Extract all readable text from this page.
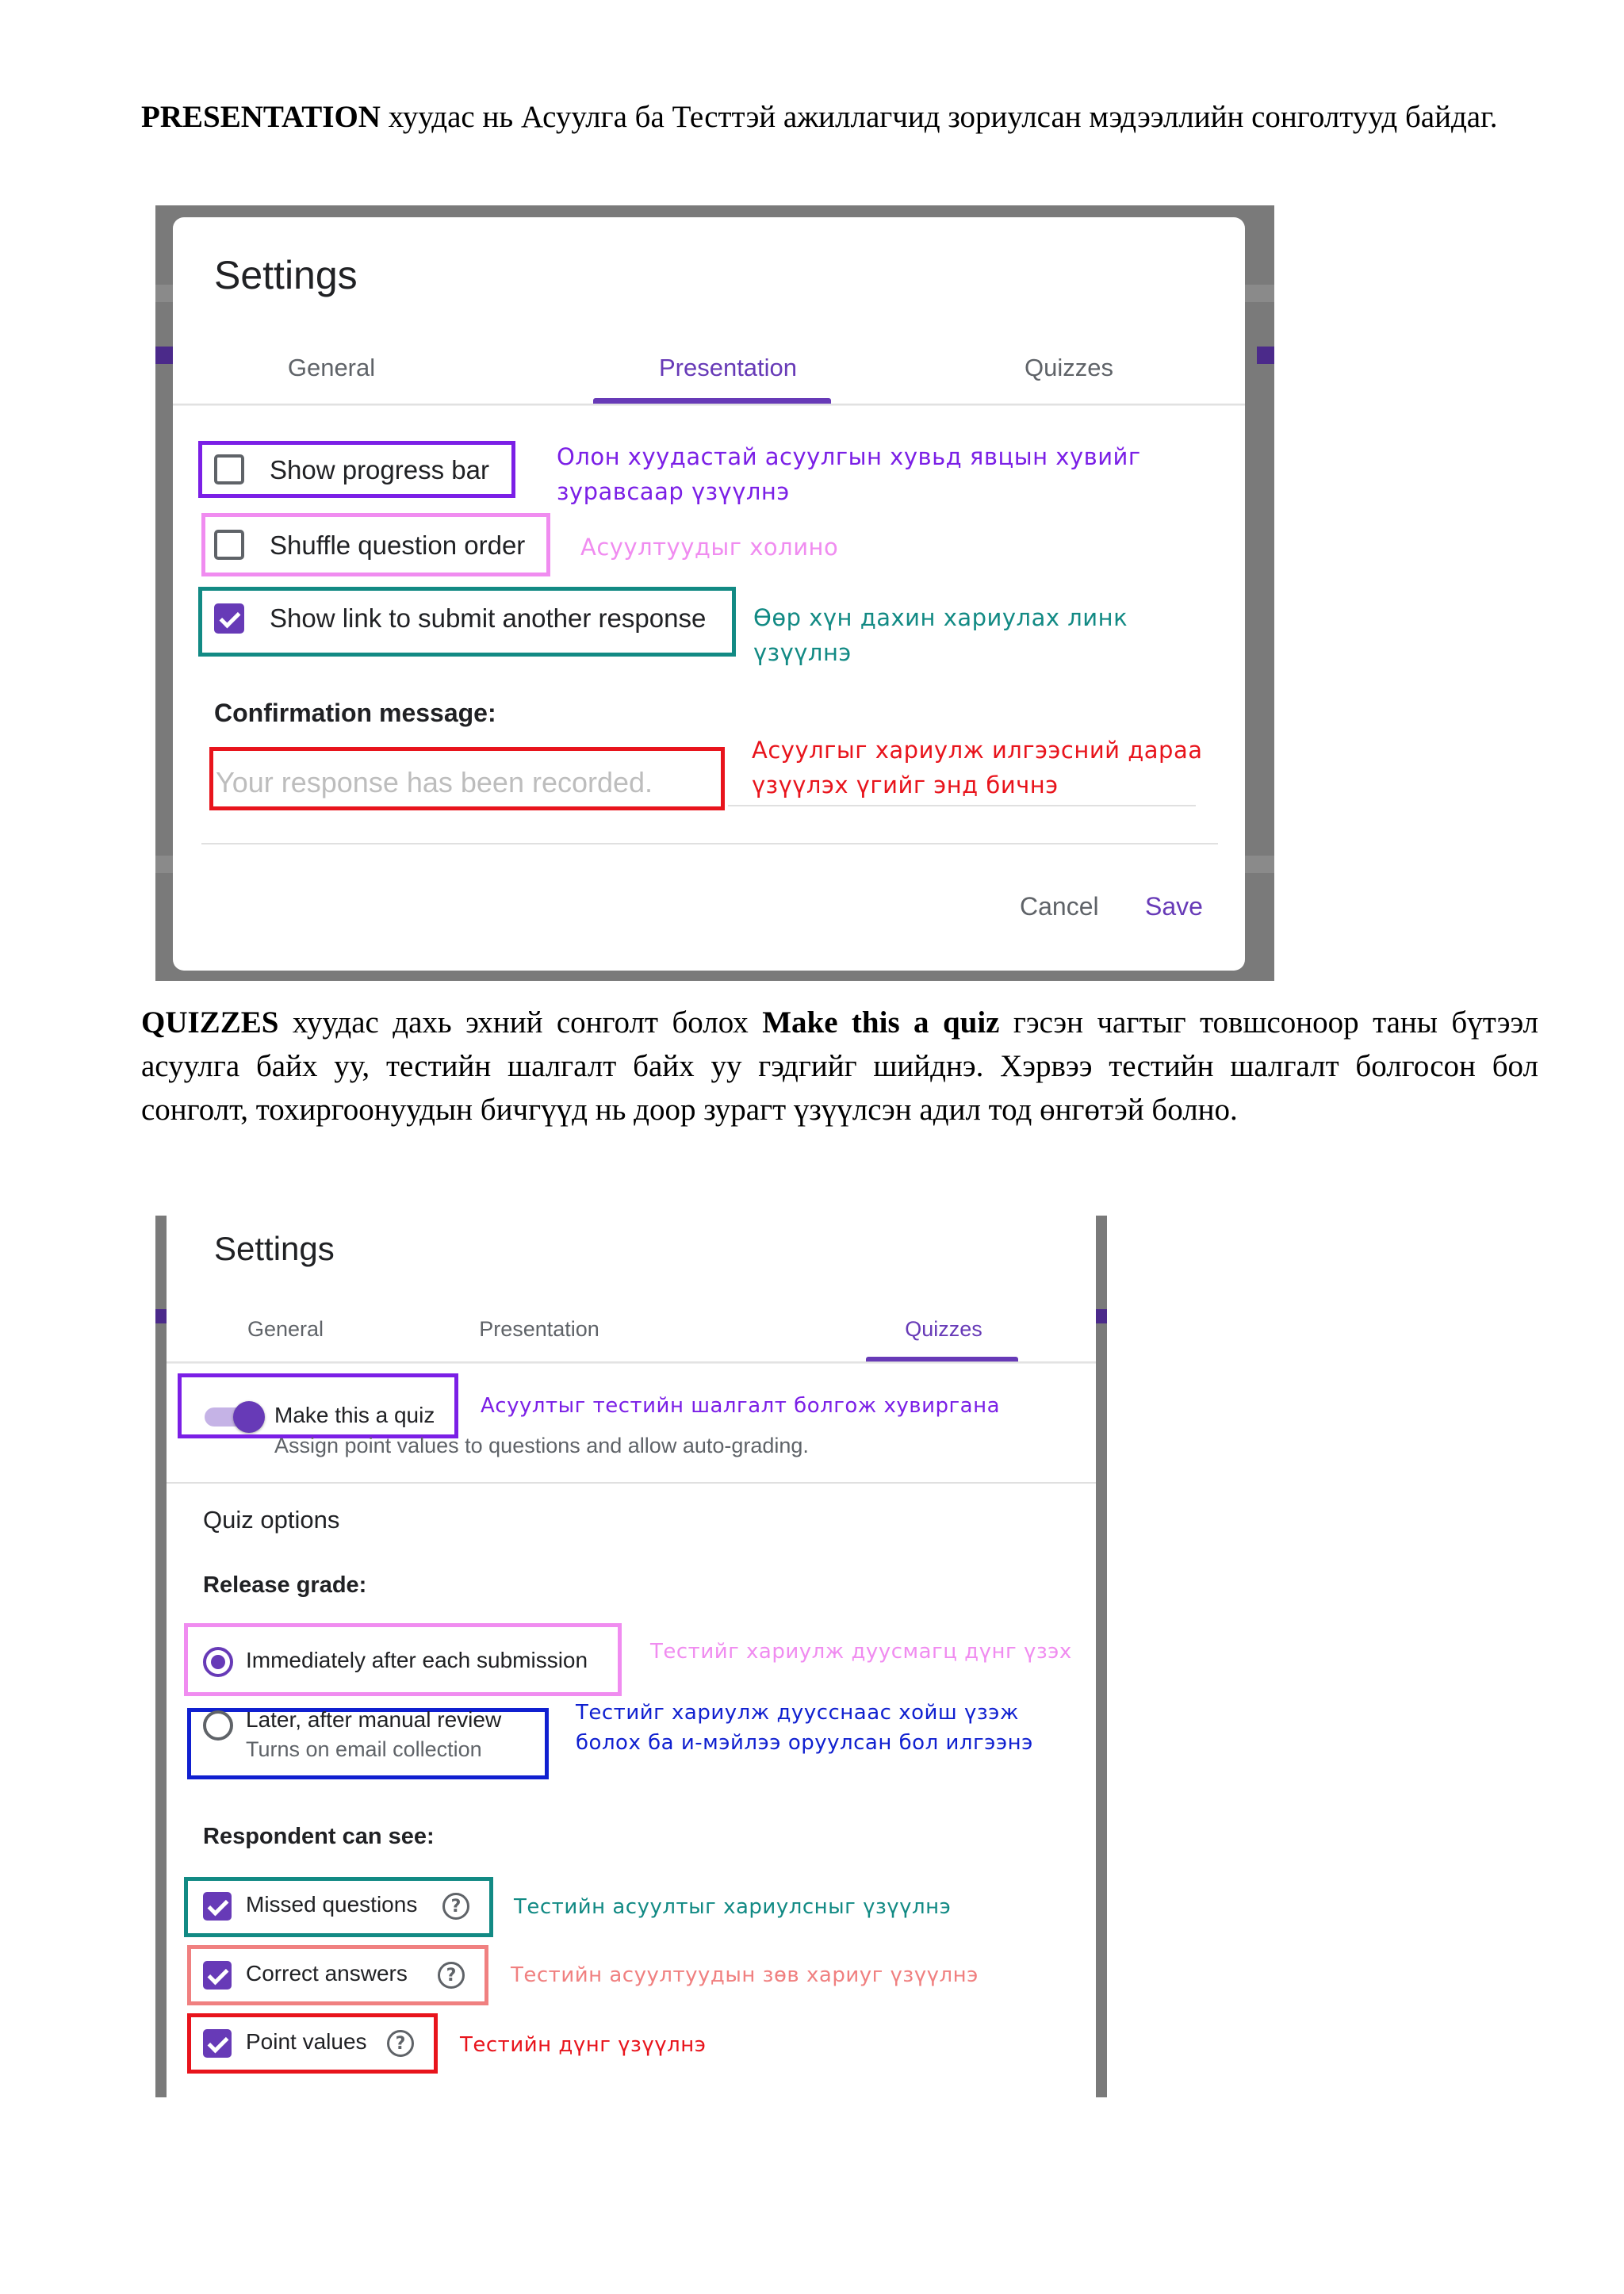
PRESENTATION хуудас нь Асуулга ба Тесттэй ажиллагчид зориулсан мэдээллийн сонголтууд байдаг.

Settings
General	Presentation	Quizzes
Show progress bar	Олон хуудастай асуулгын хувьд явцын хувийг зуравсаар үзүүлнэ
Shuffle question order Асуултуудыг холино
Show link to submit another response Өөр хүн дахин хариулах линк үзүүлнэ
Confirmation message:
Your response has been recorded.
Асуулгыг хариулж илгээсний дараа үзүүлэх үгийг энд бичнэ
Cancel Save

QUIZZES хуудас дахь эхний сонголт болох Make this a quiz гэсэн чагтыг товшсоноор таны бүтээл асуулга байх уу, тестийн шалгалт байх уу гэдгийг шийднэ. Хэрвээ тестийн шалгалт болгосон бол сонголт, тохиргоонуудын бичгүүд нь доор зурагт үзүүлсэн адил тод өнгөтэй болно.

Settings
General	Presentation	Quizzes
Make this a quiz
Assign point values to questions and allow auto-grading.
Асуултыг тестийн шалгалт болгож хувиргана
Quiz options
Release grade:
Immediately after each submission	Тестийг хариулж дуусмагц дүнг үзэх
Later, after manual review
Turns on email collection
Тестийг хариулж дуусснаас хойш үзэж болох ба и-мэйлээ оруулсан бол илгээнэ
Respondent can see:
Missed questions	?	Тестийн асуултыг хариулсныг үзүүлнэ
Correct answers	?	Тестийн асуултуудын зөв хариуг үзүүлнэ
Point values	?	Тестийн дүнг үзүүлнэ
